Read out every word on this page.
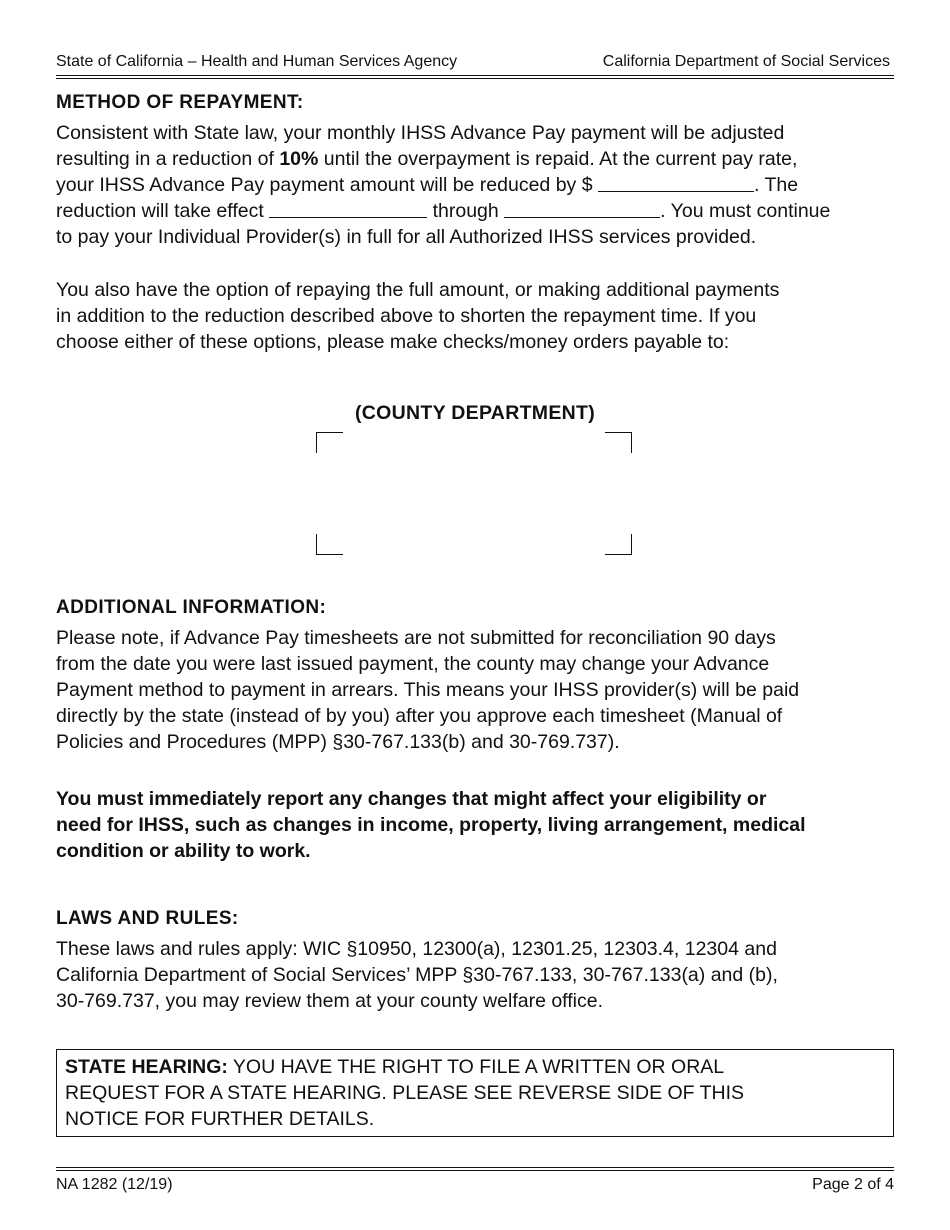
State of California – Health and Human Services Agency	California Department of Social Services
METHOD OF REPAYMENT:
Consistent with State law, your monthly IHSS Advance Pay payment will be adjusted
resulting in a reduction of 10% until the overpayment is repaid. At the current pay rate,
your IHSS Advance Pay payment amount will be reduced by $	. The
reduction will take effect	through	. You must continue
to pay your Individual Provider(s) in full for all Authorized IHSS services provided.
You also have the option of repaying the full amount, or making additional payments
in addition to the reduction described above to shorten the repayment time. If you
choose either of these options, please make checks/money orders payable to:
(COUNTY DEPARTMENT)
ADDITIONAL INFORMATION:
Please note, if Advance Pay timesheets are not submitted for reconciliation 90 days
from the date you were last issued payment, the county may change your Advance
Payment method to payment in arrears. This means your IHSS provider(s) will be paid
directly by the state (instead of by you) after you approve each timesheet (Manual of
Policies and Procedures (MPP) §30-767.133(b) and 30-769.737).
You must immediately report any changes that might affect your eligibility or
need for IHSS, such as changes in income, property, living arrangement, medical
condition or ability to work.
LAWS AND RULES:
These laws and rules apply: WIC §10950, 12300(a), 12301.25, 12303.4, 12304 and
California Department of Social Services’ MPP §30-767.133, 30-767.133(a) and (b),
30-769.737, you may review them at your county welfare office.
STATE HEARING: YOU HAVE THE RIGHT TO FILE A WRITTEN OR ORAL
REQUEST FOR A STATE HEARING. PLEASE SEE REVERSE SIDE OF THIS
NOTICE FOR FURTHER DETAILS.
NA 1282 (12/19)	Page 2 of 4
